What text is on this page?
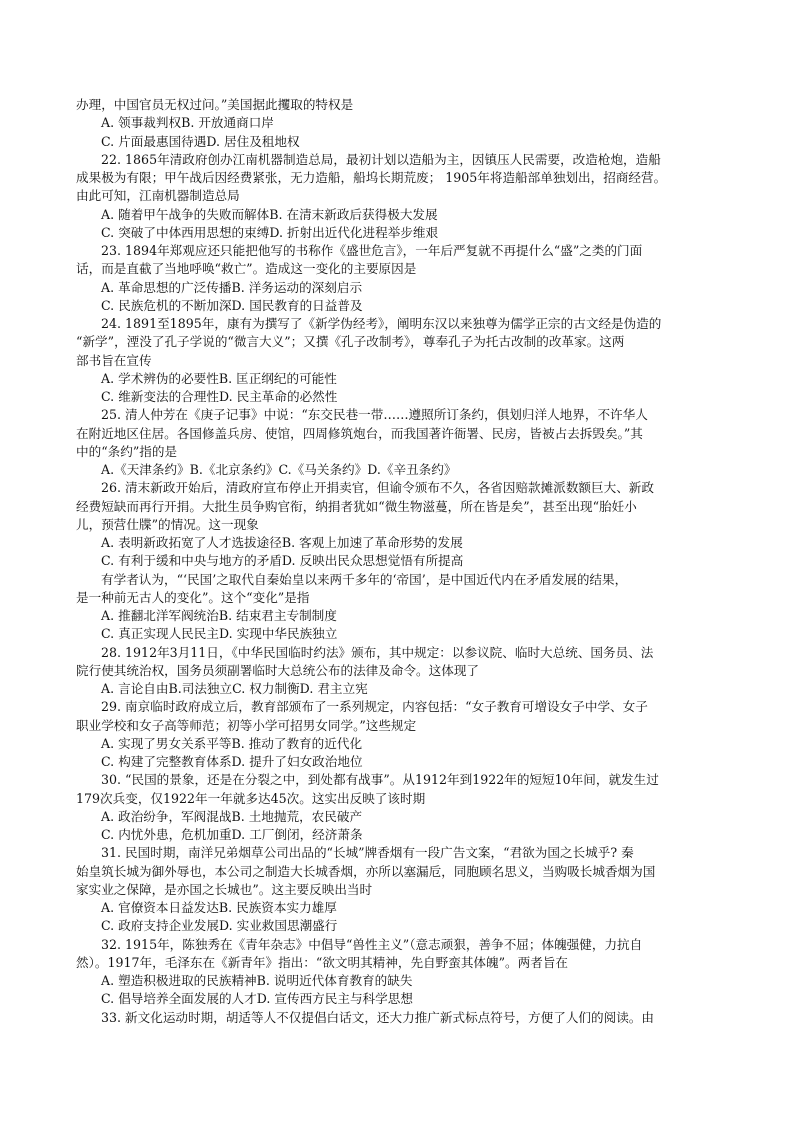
办理，中国官员无权过问。”美国据此攫取的特权是
A. 领事裁判权B. 开放通商口岸
C. 片面最惠国待遇D. 居住及租地权
22. 1865年清政府创办江南机器制造总局，最初计划以造船为主，因镇压人民需要，改造枪炮，造船
成果极为有限；甲午战后因经费紧张，无力造船，船坞长期荒废； 1905年将造船部单独划出，招商经营。
由此可知，江南机器制造总局
A. 随着甲午战争的失败而解体B. 在清末新政后获得极大发展
C. 突破了中体西用思想的束缚D. 折射出近代化进程举步维艰
23. 1894年郑观应还只能把他写的书称作《盛世危言》，一年后严复就不再提什么“盛”之类的门面
话，而是直截了当地呼唤“救亡”。造成这一变化的主要原因是
A. 革命思想的广泛传播B. 洋务运动的深刻启示
C. 民族危机的不断加深D. 国民教育的日益普及
24. 1891至1895年，康有为撰写了《新学伪经考》，阐明东汉以来独尊为儒学正宗的古文经是伪造的
“新学”，湮没了孔子学说的“微言大义”；又撰《孔子改制考》，尊奉孔子为托古改制的改革家。这两
部书旨在宣传
A. 学术辨伪的必要性B. 匡正纲纪的可能性
C. 维新变法的合理性D. 民主革命的必然性
25. 清人仲芳在《庚子记事》中说：“东交民巷一带……遵照所订条约，俱划归洋人地界，不许华人
在附近地区住居。各国修盖兵房、使馆，四周修筑炮台，而我国著许衙署、民房，皆被占去拆毁矣。”其
中的“条约”指的是
A.《天津条约》B.《北京条约》C.《马关条约》D.《辛丑条约》
26. 清末新政开始后，清政府宣布停止开捐卖官，但谕令颁布不久，各省因赔款摊派数额巨大、新政
经费短缺而再行开捐。大批生员争购官衔，纳捐者犹如“微生物滋蔓，所在皆是矣”，甚至出现“胎妊小
儿，预营仕牒”的情况。这一现象
A. 表明新政拓宽了人才选拔途径B. 客观上加速了革命形势的发展
C. 有利于缓和中央与地方的矛盾D. 反映出民众思想觉悟有所提高
有学者认为，“‘民国’之取代自秦始皇以来两千多年的‘帝国’，是中国近代内在矛盾发展的结果，
是一种前无古人的变化”。这个“变化”是指
A. 推翻北洋军阀统治B. 结束君主专制制度
C. 真正实现人民民主D. 实现中华民族独立
28. 1912年3月11日，《中华民国临时约法》颁布，其中规定：以参议院、临时大总统、国务员、法
院行使其统治权，国务员须副署临时大总统公布的法律及命令。这体现了
A. 言论自由B.司法独立C. 权力制衡D. 君主立宪
29. 南京临时政府成立后，教育部颁布了一系列规定，内容包括：“女子教育可增设女子中学、女子
职业学校和女子高等师范；初等小学可招男女同学。”这些规定
A. 实现了男女关系平等B. 推动了教育的近代化
C. 构建了完整教育体系D. 提升了妇女政治地位
30. “民国的景象，还是在分裂之中，到处都有战事”。从1912年到1922年的短短10年间，就发生过
179次兵变，仅1922年一年就多达45次。这实出反映了该时期
A. 政治纷争，军阀混战B. 土地抛荒，农民破产
C. 内忧外患，危机加重D. 工厂倒闭，经济萧条
31. 民国时期，南洋兄弟烟草公司出品的“长城”牌香烟有一段广告文案，“君欲为国之长城乎? 秦
始皇筑长城为御外辱也，本公司之制造大长城香烟，亦所以塞漏卮，同胞顾名思义，当购吸长城香烟为国
家实业之保障，是亦国之长城也”。这主要反映出当时
A. 官僚资本日益发达B. 民族资本实力雄厚
C. 政府支持企业发展D. 实业救国思潮盛行
32. 1915年，陈独秀在《青年杂志》中倡导“兽性主义”（意志顽狠，善争不屈；体魄强健，力抗自
然）。1917年，毛泽东在《新青年》指出：“欲文明其精神，先自野蛮其体魄”。两者旨在
A. 塑造积极进取的民族精神B. 说明近代体育教育的缺失
C. 倡导培养全面发展的人才D. 宣传西方民主与科学思想
33. 新文化运动时期，胡适等人不仅提倡白话文，还大力推广新式标点符号，方便了人们的阅读。由
